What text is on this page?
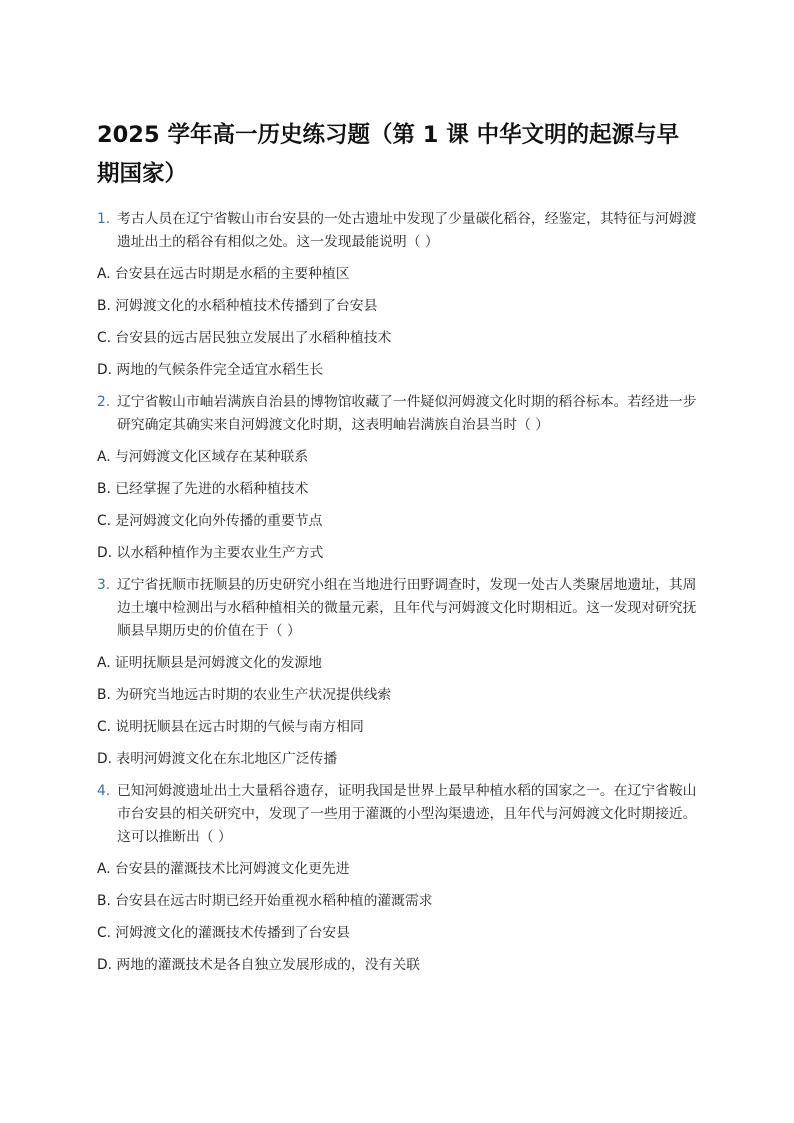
2025 学年高一历史练习题（第 1 课 中华文明的起源与早期国家）

1. 考古人员在辽宁省鞍山市台安县的一处古遗址中发现了少量碳化稻谷，经鉴定，其特征与河姆渡遗址出土的稻谷有相似之处。这一发现最能说明（ ）

A. 台安县在远古时期是水稻的主要种植区

B. 河姆渡文化的水稻种植技术传播到了台安县

C. 台安县的远古居民独立发展出了水稻种植技术

D. 两地的气候条件完全适宜水稻生长

2. 辽宁省鞍山市岫岩满族自治县的博物馆收藏了一件疑似河姆渡文化时期的稻谷标本。若经进一步研究确定其确实来自河姆渡文化时期，这表明岫岩满族自治县当时（ ）

A. 与河姆渡文化区域存在某种联系

B. 已经掌握了先进的水稻种植技术

C. 是河姆渡文化向外传播的重要节点

D. 以水稻种植作为主要农业生产方式

3. 辽宁省抚顺市抚顺县的历史研究小组在当地进行田野调查时，发现一处古人类聚居地遗址，其周边土壤中检测出与水稻种植相关的微量元素，且年代与河姆渡文化时期相近。这一发现对研究抚顺县早期历史的价值在于（ ）

A. 证明抚顺县是河姆渡文化的发源地

B. 为研究当地远古时期的农业生产状况提供线索

C. 说明抚顺县在远古时期的气候与南方相同

D. 表明河姆渡文化在东北地区广泛传播

4. 已知河姆渡遗址出土大量稻谷遗存，证明我国是世界上最早种植水稻的国家之一。在辽宁省鞍山市台安县的相关研究中，发现了一些用于灌溉的小型沟渠遗迹，且年代与河姆渡文化时期接近。这可以推断出（ ）

A. 台安县的灌溉技术比河姆渡文化更先进

B. 台安县在远古时期已经开始重视水稻种植的灌溉需求

C. 河姆渡文化的灌溉技术传播到了台安县

D. 两地的灌溉技术是各自独立发展形成的，没有关联
